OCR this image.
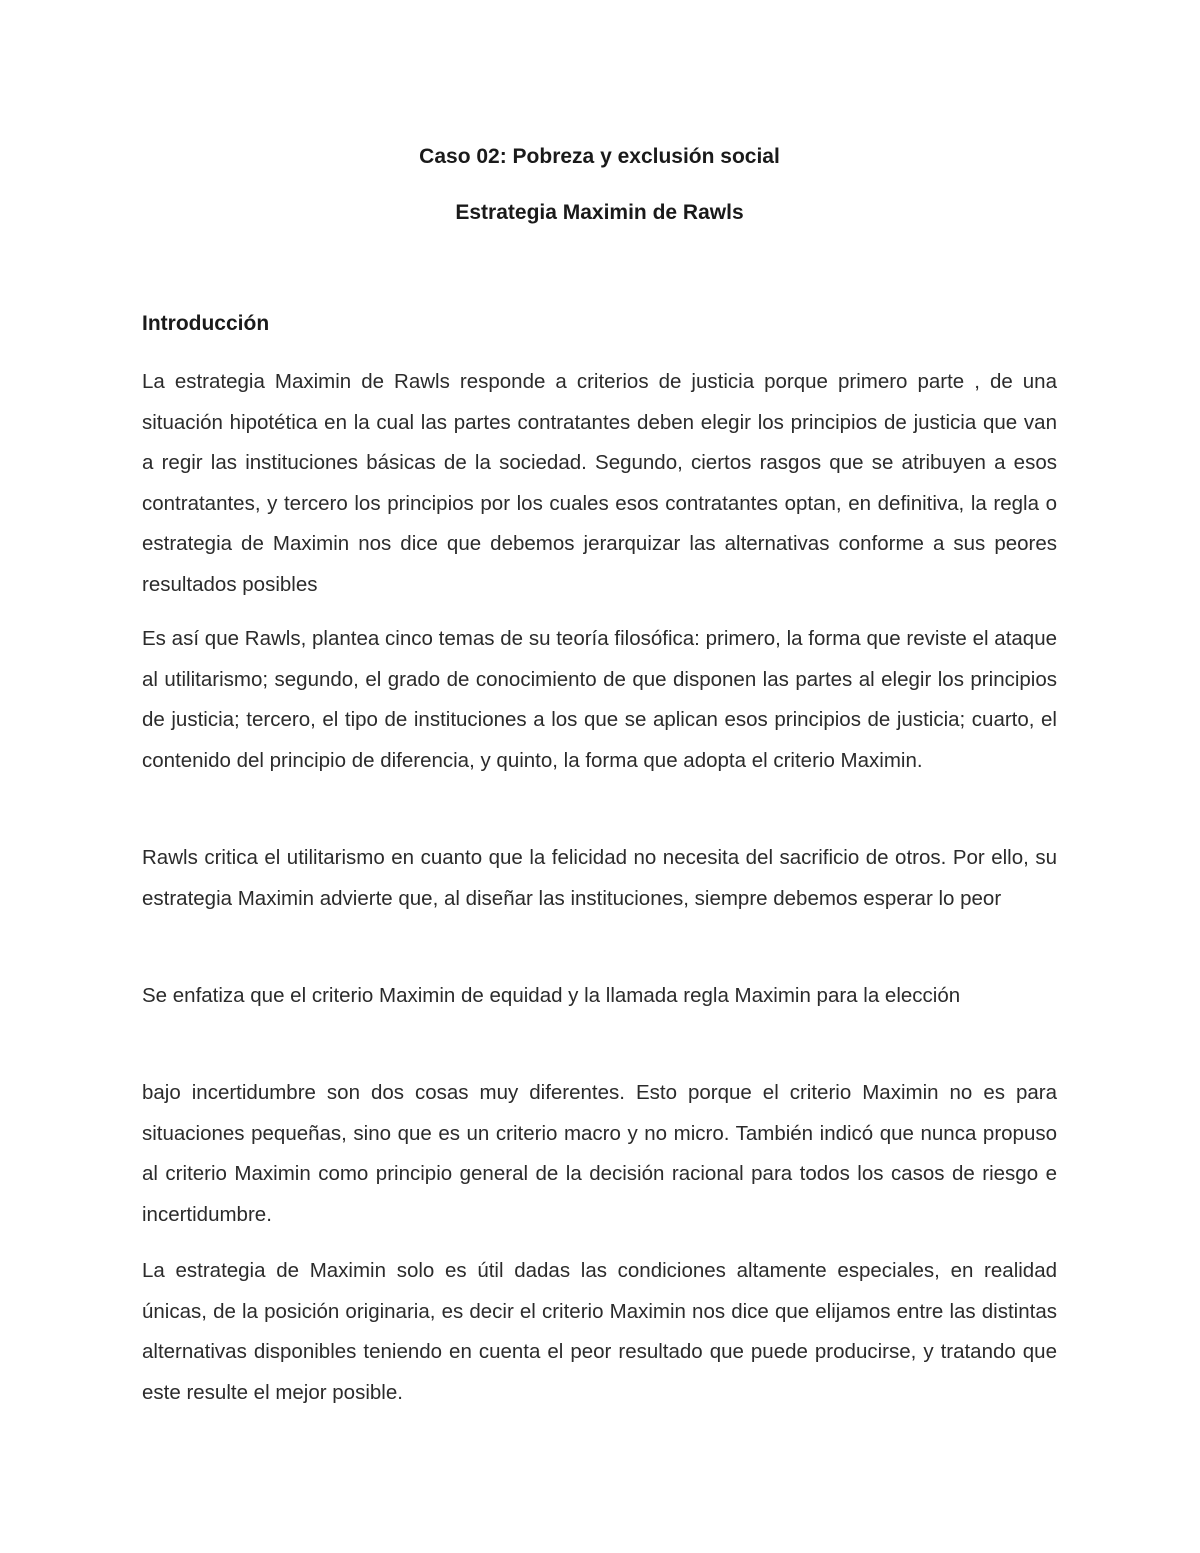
Caso 02: Pobreza y exclusión social
Estrategia Maximin de Rawls
Introducción

La estrategia Maximin de Rawls responde a criterios de justicia porque primero parte , de una situación hipotética en la cual las partes contratantes deben elegir los principios de justicia que van a regir las instituciones básicas de la sociedad. Segundo, ciertos rasgos que se atribuyen a esos contratantes, y tercero los principios por los cuales esos contratantes optan, en definitiva, la regla o estrategia de Maximin nos dice que debemos jerarquizar las alternativas conforme a sus peores resultados posibles

Es así que Rawls, plantea cinco temas de su teoría filosófica: primero, la forma que reviste el ataque al utilitarismo; segundo, el grado de conocimiento de que disponen las partes al elegir los principios de justicia; tercero, el tipo de instituciones a los que se aplican esos principios de justicia; cuarto, el contenido del principio de diferencia, y quinto, la forma que adopta el criterio Maximin.

Rawls critica el utilitarismo en cuanto que la felicidad no necesita del sacrificio de otros. Por ello, su estrategia Maximin advierte que, al diseñar las instituciones, siempre debemos esperar lo peor

Se enfatiza que el criterio Maximin de equidad y la llamada regla Maximin para la elección

bajo incertidumbre son dos cosas muy diferentes. Esto porque el criterio Maximin no es para situaciones pequeñas, sino que es un criterio macro y no micro. También indicó que nunca propuso al criterio Maximin como principio general de la decisión racional para todos los casos de riesgo e incertidumbre.

La estrategia de Maximin solo es útil dadas las condiciones altamente especiales, en realidad únicas, de la posición originaria, es decir el criterio Maximin nos dice que elijamos entre las distintas alternativas disponibles teniendo en cuenta el peor resultado que puede producirse, y tratando que este resulte el mejor posible.
